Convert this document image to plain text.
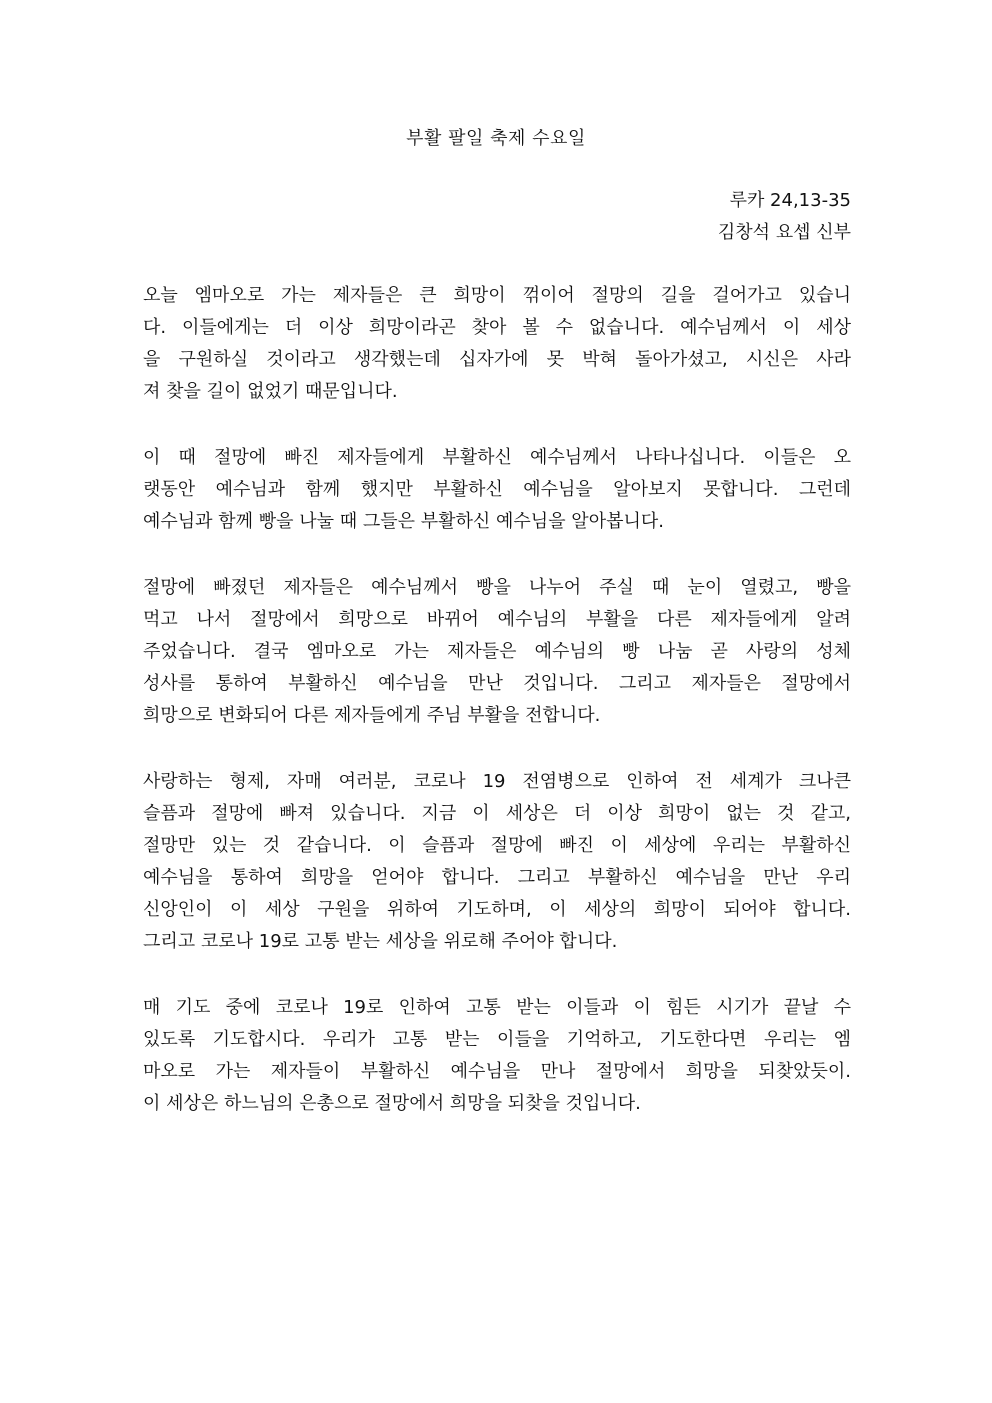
부활 팔일 축제 수요일
루카 24,13-35
김창석 요셉 신부
오늘 엠마오로 가는 제자들은 큰 희망이 꺾이어 절망의 길을 걸어가고 있습니
다. 이들에게는 더 이상 희망이라곤 찾아 볼 수 없습니다. 예수님께서 이 세상
을 구원하실 것이라고 생각했는데 십자가에 못 박혀 돌아가셨고, 시신은 사라
져 찾을 길이 없었기 때문입니다.
이 때 절망에 빠진 제자들에게 부활하신 예수님께서 나타나십니다. 이들은 오
랫동안 예수님과 함께 했지만 부활하신 예수님을 알아보지 못합니다. 그런데
예수님과 함께 빵을 나눌 때 그들은 부활하신 예수님을 알아봅니다.
절망에 빠졌던 제자들은 예수님께서 빵을 나누어 주실 때 눈이 열렸고, 빵을
먹고 나서 절망에서 희망으로 바뀌어 예수님의 부활을 다른 제자들에게 알려
주었습니다. 결국 엠마오로 가는 제자들은 예수님의 빵 나눔 곧 사랑의 성체
성사를 통하여 부활하신 예수님을 만난 것입니다. 그리고 제자들은 절망에서
희망으로 변화되어 다른 제자들에게 주님 부활을 전합니다.
사랑하는 형제, 자매 여러분, 코로나 19 전염병으로 인하여 전 세계가 크나큰
슬픔과 절망에 빠져 있습니다. 지금 이 세상은 더 이상 희망이 없는 것 같고,
절망만 있는 것 같습니다. 이 슬픔과 절망에 빠진 이 세상에 우리는 부활하신
예수님을 통하여 희망을 얻어야 합니다. 그리고 부활하신 예수님을 만난 우리
신앙인이 이 세상 구원을 위하여 기도하며, 이 세상의 희망이 되어야 합니다.
그리고 코로나 19로 고통 받는 세상을 위로해 주어야 합니다.
매 기도 중에 코로나 19로 인하여 고통 받는 이들과 이 힘든 시기가 끝날 수
있도록 기도합시다. 우리가 고통 받는 이들을 기억하고, 기도한다면 우리는 엠
마오로 가는 제자들이 부활하신 예수님을 만나 절망에서 희망을 되찾았듯이.
이 세상은 하느님의 은총으로 절망에서 희망을 되찾을 것입니다.
